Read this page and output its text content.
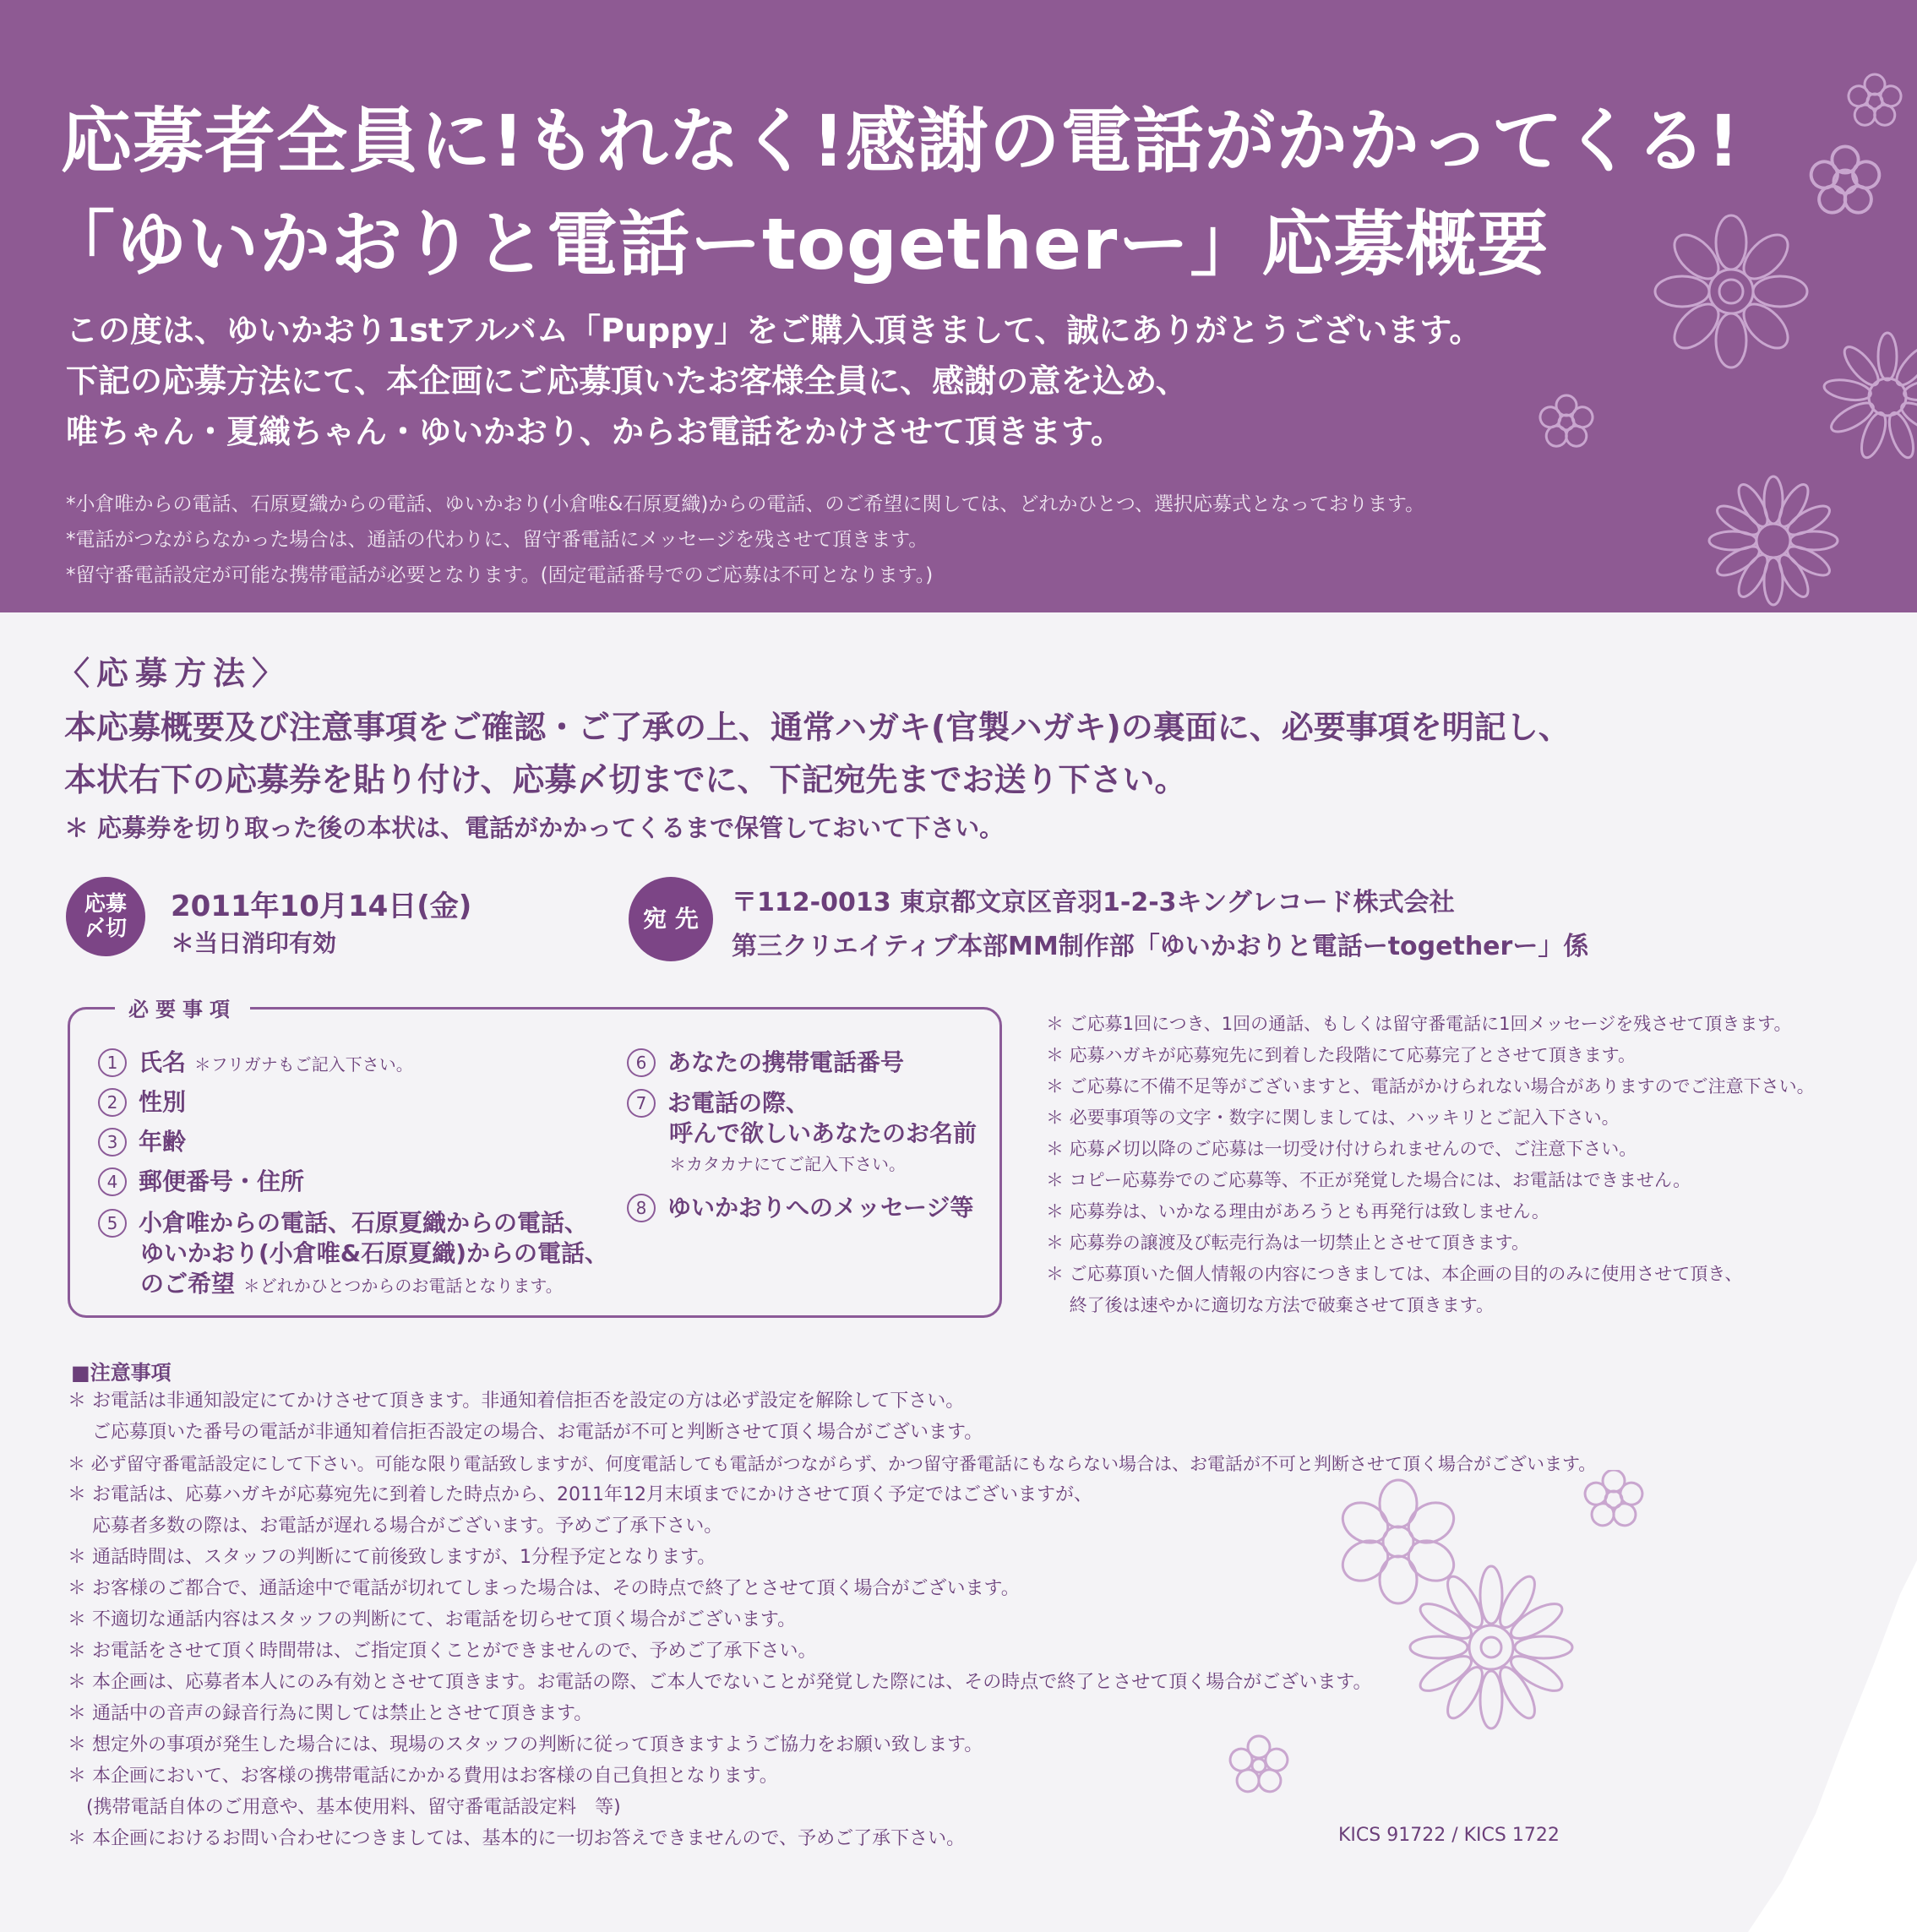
応募者全員に!もれなく!感謝の電話がかかってくる!
「ゆいかおりと電話ーtogetherー」応募概要
この度は、ゆいかおり1stアルバム「Puppy」をご購入頂きまして、誠にありがとうございます。
下記の応募方法にて、本企画にご応募頂いたお客様全員に、感謝の意を込め、
唯ちゃん・夏織ちゃん・ゆいかおり、からお電話をかけさせて頂きます。
*小倉唯からの電話、石原夏織からの電話、ゆいかおり(小倉唯&石原夏織)からの電話、のご希望に関しては、どれかひとつ、選択応募式となっております。
*電話がつながらなかった場合は、通話の代わりに、留守番電話にメッセージを残させて頂きます。
*留守番電話設定が可能な携帯電話が必要となります。(固定電話番号でのご応募は不可となります。)
〈応募方法〉
本応募概要及び注意事項をご確認・ご了承の上、通常ハガキ(官製ハガキ)の裏面に、必要事項を明記し、
本状右下の応募券を貼り付け、応募〆切までに、下記宛先までお送り下さい。
＊ 応募券を切り取った後の本状は、電話がかかってくるまで保管しておいて下さい。
応募
〆切
2011年10月14日(金)
＊当日消印有効
宛 先
〒112-0013 東京都文京区音羽1-2-3キングレコード株式会社
第三クリエイティブ本部MM制作部「ゆいかおりと電話ーtogetherー」係
必要事項
1 氏名 ＊フリガナもご記入下さい。
2 性別
3 年齢
4 郵便番号・住所
5 小倉唯からの電話、石原夏織からの電話、
ゆいかおり(小倉唯&石原夏織)からの電話、
のご希望 ＊どれかひとつからのお電話となります。
6 あなたの携帯電話番号
7 お電話の際、
呼んで欲しいあなたのお名前
＊カタカナにてご記入下さい。
8 ゆいかおりへのメッセージ等
＊ ご応募1回につき、1回の通話、もしくは留守番電話に1回メッセージを残させて頂きます。
＊ 応募ハガキが応募宛先に到着した段階にて応募完了とさせて頂きます。
＊ ご応募に不備不足等がございますと、電話がかけられない場合がありますのでご注意下さい。
＊ 必要事項等の文字・数字に関しましては、ハッキリとご記入下さい。
＊ 応募〆切以降のご応募は一切受け付けられませんので、ご注意下さい。
＊ コピー応募券でのご応募等、不正が発覚した場合には、お電話はできません。
＊ 応募券は、いかなる理由があろうとも再発行は致しません。
＊ 応募券の譲渡及び転売行為は一切禁止とさせて頂きます。
＊ ご応募頂いた個人情報の内容につきましては、本企画の目的のみに使用させて頂き、
　 終了後は速やかに適切な方法で破棄させて頂きます。
■注意事項
＊ お電話は非通知設定にてかけさせて頂きます。非通知着信拒否を設定の方は必ず設定を解除して下さい。
　 ご応募頂いた番号の電話が非通知着信拒否設定の場合、お電話が不可と判断させて頂く場合がございます。
＊ 必ず留守番電話設定にして下さい。可能な限り電話致しますが、何度電話しても電話がつながらず、かつ留守番電話にもならない場合は、お電話が不可と判断させて頂く場合がございます。
＊ お電話は、応募ハガキが応募宛先に到着した時点から、2011年12月末頃までにかけさせて頂く予定ではございますが、
　 応募者多数の際は、お電話が遅れる場合がございます。予めご了承下さい。
＊ 通話時間は、スタッフの判断にて前後致しますが、1分程予定となります。
＊ お客様のご都合で、通話途中で電話が切れてしまった場合は、その時点で終了とさせて頂く場合がございます。
＊ 不適切な通話内容はスタッフの判断にて、お電話を切らせて頂く場合がございます。
＊ お電話をさせて頂く時間帯は、ご指定頂くことができませんので、予めご了承下さい。
＊ 本企画は、応募者本人にのみ有効とさせて頂きます。お電話の際、ご本人でないことが発覚した際には、その時点で終了とさせて頂く場合がございます。
＊ 通話中の音声の録音行為に関しては禁止とさせて頂きます。
＊ 想定外の事項が発生した場合には、現場のスタッフの判断に従って頂きますようご協力をお願い致します。
＊ 本企画において、お客様の携帯電話にかかる費用はお客様の自己負担となります。
　(携帯電話自体のご用意や、基本使用料、留守番電話設定料　等)
＊ 本企画におけるお問い合わせにつきましては、基本的に一切お答えできませんので、予めご了承下さい。	KICS 91722 / KICS 1722
